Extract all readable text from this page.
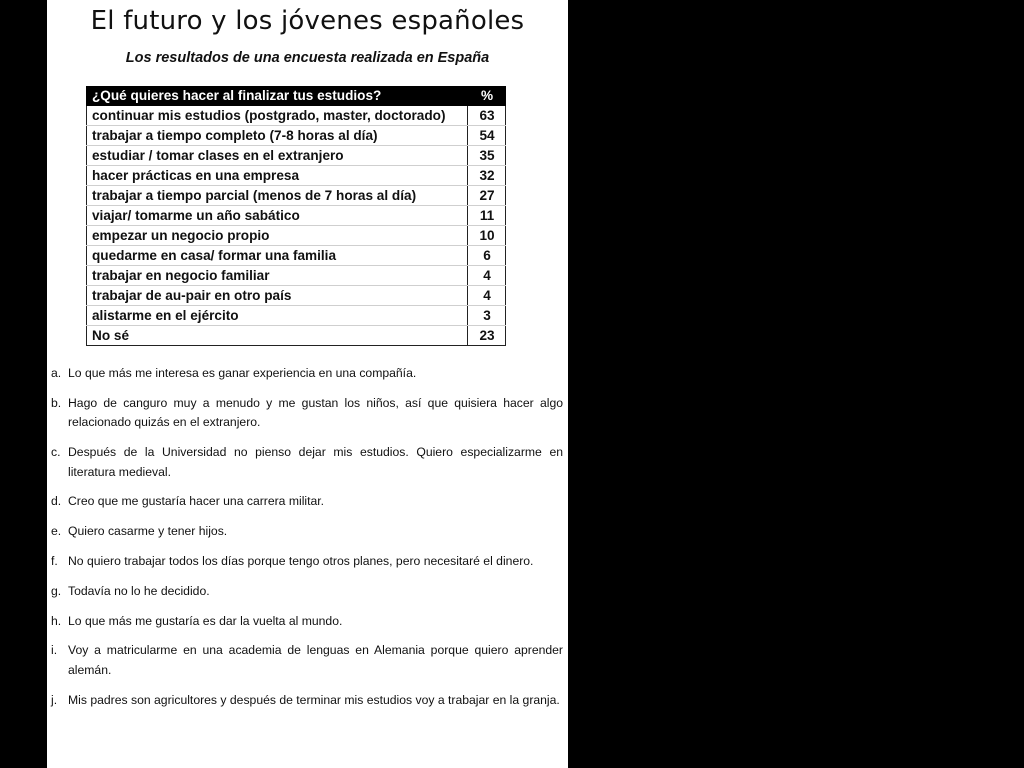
El futuro y los jóvenes españoles
Los resultados de una encuesta realizada en España
¿Qué quieres hacer al finalizar tus estudios?	%
continuar mis estudios (postgrado, master, doctorado)	63
trabajar a tiempo completo (7-8 horas al día)	54
estudiar / tomar clases en el extranjero	35
hacer prácticas en una empresa	32
trabajar a tiempo parcial (menos de 7 horas al día)	27
viajar/ tomarme un año sabático	11
empezar un negocio propio	10
quedarme en casa/ formar una familia	6
trabajar en negocio familiar	4
trabajar de au-pair en otro país	4
alistarme en el ejército	3
No sé	23
a. Lo que más me interesa es ganar experiencia en una compañía.
b. Hago de canguro muy a menudo y me gustan los niños, así que quisiera hacer algo relacionado quizás en el extranjero.
c. Después de la Universidad no pienso dejar mis estudios. Quiero especializarme en literatura medieval.
d. Creo que me gustaría hacer una carrera militar.
e. Quiero casarme y tener hijos.
f. No quiero trabajar todos los días porque tengo otros planes, pero necesitaré el dinero.
g. Todavía no lo he decidido.
h. Lo que más me gustaría es dar la vuelta al mundo.
i. Voy a matricularme en una academia de lenguas en Alemania porque quiero aprender alemán.
j. Mis padres son agricultores y después de terminar mis estudios voy a trabajar en la granja.
